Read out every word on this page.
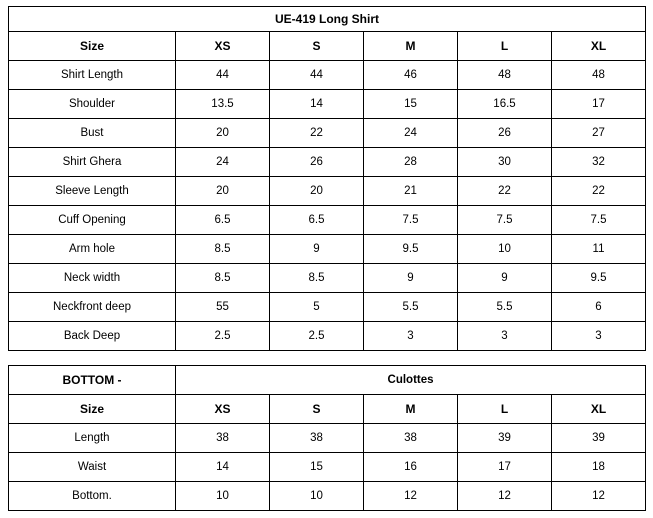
UE-419 Long Shirt					
Size	XS	S	M	L	XL
Shirt Length	44	44	46	48	48
Shoulder	13.5	14	15	16.5	17
Bust	20	22	24	26	27
Shirt Ghera	24	26	28	30	32
Sleeve Length	20	20	21	22	22
Cuff Opening	6.5	6.5	7.5	7.5	7.5
Arm hole	8.5	9	9.5	10	11
Neck width	8.5	8.5	9	9	9.5
Neckfront deep	55	5	5.5	5.5	6
Back Deep	2.5	2.5	3	3	3
BOTTOM -	Culottes				
Size	XS	S	M	L	XL
Length	38	38	38	39	39
Waist	14	15	16	17	18
Bottom.	10	10	12	12	12
